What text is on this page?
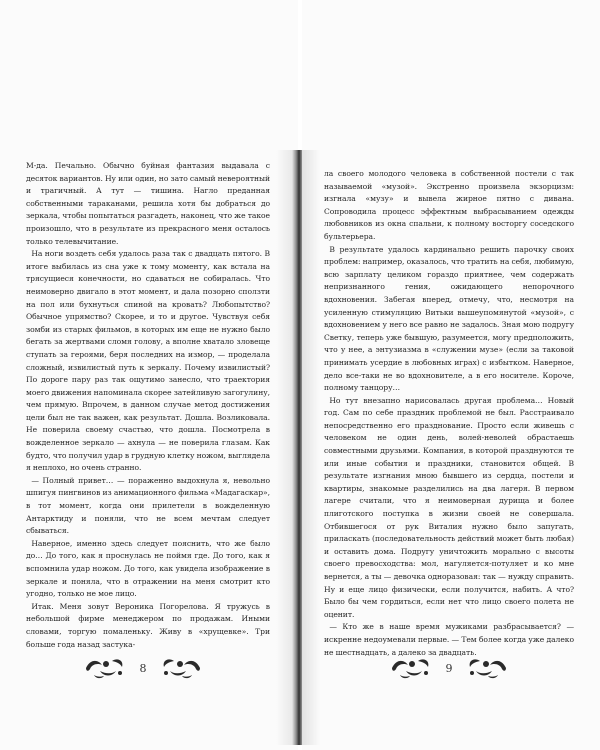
М-да. Печально. Обычно буйная фантазия выдавала с десяток вариантов. Ну или один, но зато самый невероятный и трагичный. А тут — тишина. Нагло преданная собственными тараканами, решила хотя бы добраться до зеркала, чтобы попытаться разгадеть, наконец, что же такое произошло, что в результате из прекрасного меня осталось только телевычитание.

На ноги воздеть себя удалось раза так с двадцать пятого. В итоге выбилась из сна уже к тому моменту, как встала на трясущиеся конечности, но сдаваться не собиралась. Что неимоверно двигало в этот момент, и дала позорно сползти на пол или бухнуться спиной на кровать? Любопытство? Обычное упрямство? Скорее, и то и другое. Чувствуя себя зомби из старых фильмов, в которых им еще не нужно было бегать за жертвами сломя голову, а вполне хватало зловеще ступать за героями, беря последних на измор, — проделала сложный, извилистый путь к зеркалу. Почему извилистый? По дороге пару раз так ощутимо занесло, что траектория моего движения напоминала скорее затейливую загогулину, чем прямую. Впрочем, в данном случае метод достижения цели был не так важен, как результат. Дошла. Возликовала. Не поверила своему счастью, что дошла. Посмотрела в вожделенное зеркало — ахнула — не поверила глазам. Как будто, что получил удар в грудную клетку ножом, выглядела я неплохо, но очень странно.

— Полный привет… — пораженно выдохнула я, невольно шпигуя пингвинов из анимационного фильма «Мадагаскар», в тот момент, когда они прилетели в вожделенную Антарктиду и поняли, что не всем мечтам следует сбываться.

Наверное, именно здесь следует пояснить, что же было до… До того, как я проснулась не поймя где. До того, как я вспомнила удар ножом. До того, как увидела изображение в зеркале и поняла, что в отражении на меня смотрит кто угодно, только не мое лицо.

Итак. Меня зовут Вероника Погорелова. Я тружусь в небольшой фирме менеджером по продажам. Иными словами, торгую помаленьку. Живу в «хрущевке». Три больше года назад застука-

8

ла своего молодого человека в собственной постели с так называемой «музой». Экстренно произвела экзорцизм: изгнала «музу» и вывела жирное пятно с дивана. Сопроводила процесс эффектным выбрасыванием одежды любовников из окна спальни, к полному восторгу соседского бультерьера.

В результате удалось кардинально решить парочку своих проблем: например, оказалось, что тратить на себя, любимую, всю зарплату целиком гораздо приятнее, чем содержать непризнанного гения, ожидающего непорочного вдохновения. Забегая вперед, отмечу, что, несмотря на усиленную стимуляцию Витьки вышеупомянутой «музой», с вдохновением у него все равно не задалось. Зная мою подругу Светку, теперь уже бывшую, разумеется, могу предположить, что у нее, а энтузиазма в «служении музе» (если за таковой принимать усердие в любовных играх) с избытком. Наверное, дело все-таки не во вдохновителе, а в его носителе. Короче, полному танцору…

Но тут внезапно нарисовалась другая проблема… Новый год. Сам по себе праздник проблемой не был. Расстраивало непосредственно его празднование. Просто если живешь с человеком не один день, волей-неволей обрастаешь совместными друзьями. Компания, в которой празднуются те или иные события и праздники, становится общей. В результате изгнания мною бывшего из сердца, постели и квартиры, знакомые разделились на два лагеря. В первом лагере считали, что я неимоверная дурища и более плиготского поступка в жизни своей не совершала. Отбившегося от рук Виталия нужно было запугать, приласкать (последовательность действий может быть любая) и оставить дома. Подругу уничтожить морально с высоты своего превосходства: мол, нагуляется-потуляет и ко мне вернется, а ты — девочка одноразовая: так — нужду справить. Ну и еще лицо физически, если получится, набить. А что? Было бы чем гордиться, если нет что лицо своего полета не оценит.

— Кто же в наше время мужиками разбрасывается? — искренне недоумевали первые. — Тем более когда уже далеко не шестнадцать, а далеко за двадцать.

9
